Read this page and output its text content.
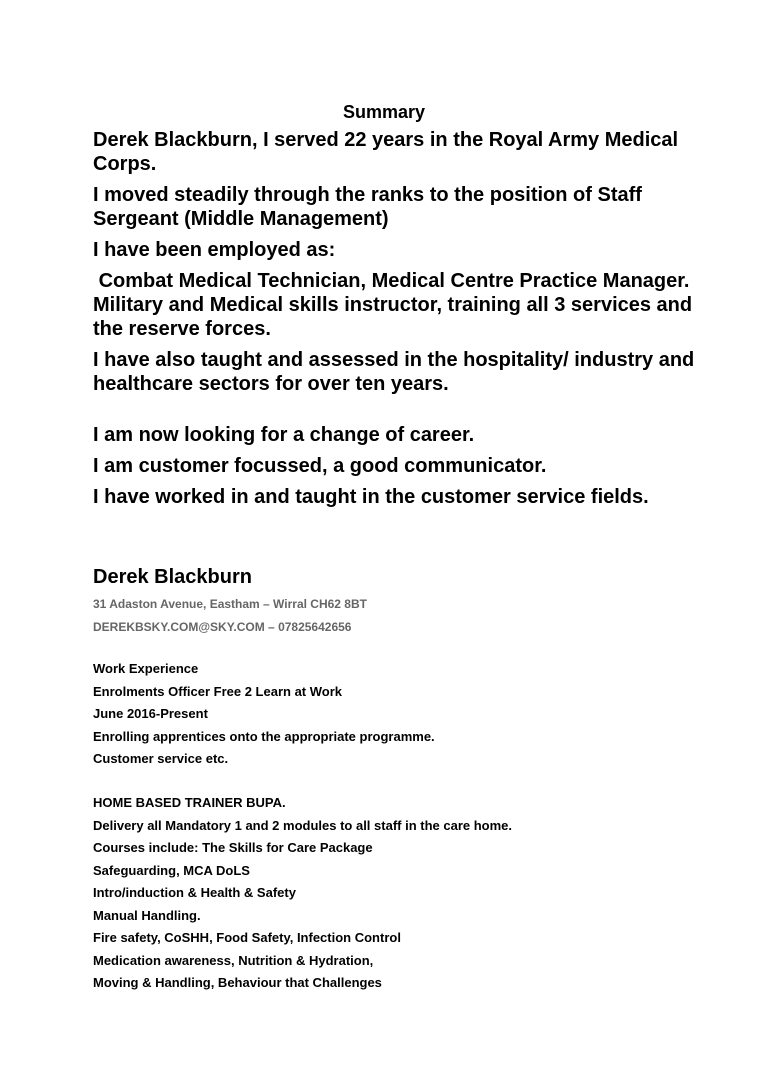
Summary

Derek Blackburn, I served 22 years in the Royal Army Medical Corps.

I moved steadily through the ranks to the position of Staff Sergeant (Middle Management)

I have been employed as:

Combat Medical Technician, Medical Centre Practice Manager. Military and Medical skills instructor, training all 3 services and the reserve forces.

I have also taught and assessed in the hospitality/ industry and healthcare sectors for over ten years.

I am now looking for a change of career.

I am customer focussed, a good communicator.

I have worked in and taught in the customer service fields.

Derek Blackburn
31 Adaston Avenue, Eastham – Wirral CH62 8BT
DEREKBSKY.COM@SKY.COM – 07825642656
Work Experience
Enrolments Officer Free 2 Learn at Work
June 2016-Present
Enrolling apprentices onto the appropriate programme.
Customer service etc.
HOME BASED TRAINER BUPA.
Delivery all Mandatory 1 and 2 modules to all staff in the care home.
Courses include: The Skills for Care Package
Safeguarding, MCA DoLS
Intro/induction & Health & Safety
Manual Handling.
Fire safety, CoSHH, Food Safety, Infection Control
Medication awareness, Nutrition & Hydration,
Moving & Handling, Behaviour that Challenges
